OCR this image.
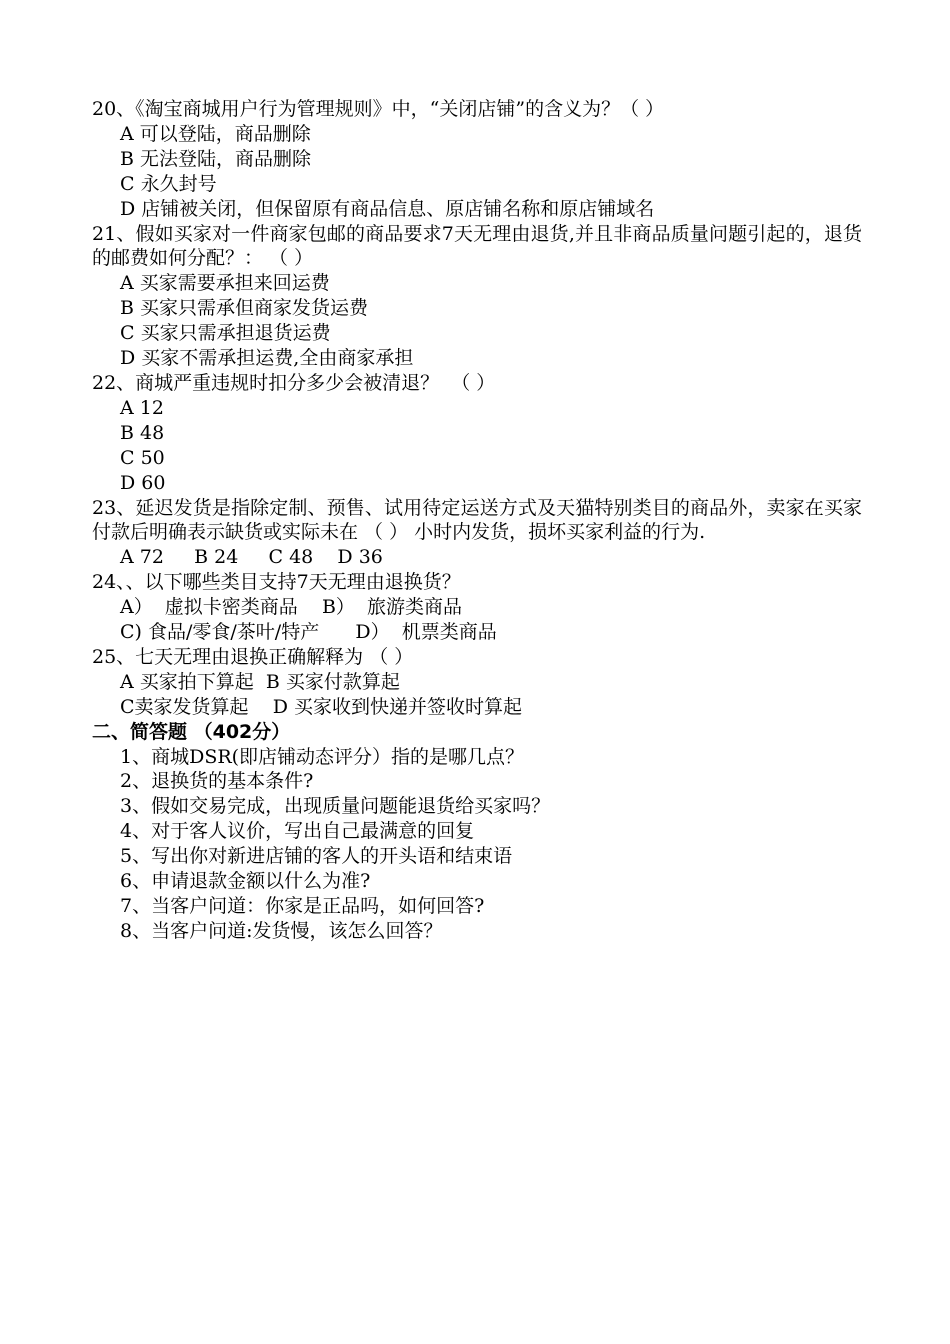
20、《淘宝商城用户行为管理规则》中，“关闭店铺”的含义为？（ ）

A 可以登陆，商品删除

B 无法登陆，商品删除

C 永久封号

D 店铺被关闭，但保留原有商品信息、原店铺名称和原店铺域名

21、假如买家对一件商家包邮的商品要求7天无理由退货,并且非商品质量问题引起的，退货的邮费如何分配？： （ ）

A 买家需要承担来回运费

B 买家只需承但商家发货运费

C 买家只需承担退货运费

D 买家不需承担运费,全由商家承担

22、商城严重违规时扣分多少会被清退？  （ ）

A 12

B 48

C 50

D 60

23、延迟发货是指除定制、预售、试用待定运送方式及天猫特别类目的商品外，卖家在买家付款后明确表示缺货或实际未在 （ ） 小时内发货，损坏买家利益的行为.

A 72     B 24     C 48    D 36

24、、以下哪些类目支持7天无理由退换货？

A）  虚拟卡密类商品    B）  旅游类商品

C) 食品/零食/茶叶/特产      D）  机票类商品

25、七天无理由退换正确解释为 （ ）

A 买家拍下算起  B 买家付款算起

C卖家发货算起    D 买家收到快递并签收时算起

二、简答题 （402分）

1、商城DSR(即店铺动态评分）指的是哪几点？

2、退换货的基本条件?

3、假如交易完成，出现质量问题能退货给买家吗？

4、对于客人议价，写出自己最满意的回复

5、写出你对新进店铺的客人的开头语和结束语

6、申请退款金额以什么为准?

7、当客户问道：你家是正品吗，如何回答?

8、当客户问道:发货慢，该怎么回答？
